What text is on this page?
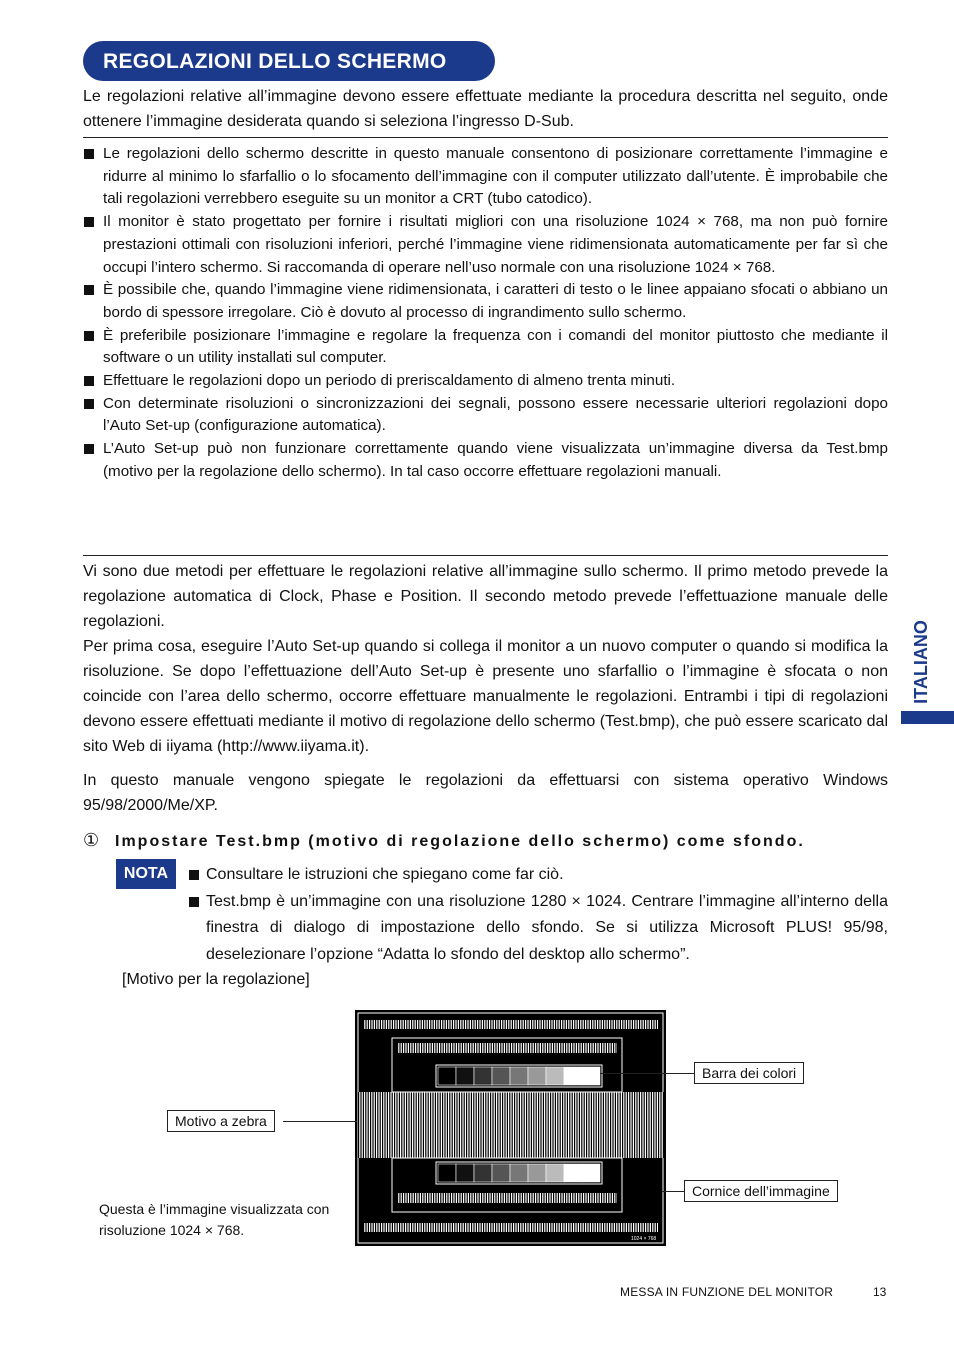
REGOLAZIONI DELLO SCHERMO
ITALIANO
Le regolazioni relative all’immagine devono essere effettuate mediante la procedura descritta nel seguito, onde ottenere l’immagine desiderata quando si seleziona l’ingresso D-Sub.
Le regolazioni dello schermo descritte in questo manuale consentono di posizionare correttamente l’immagine e ridurre al minimo lo sfarfallio o lo sfocamento dell’immagine con il computer utilizzato dall’utente. È improbabile che tali regolazioni verrebbero eseguite su un monitor a CRT (tubo catodico).
Il monitor è stato progettato per fornire i risultati migliori con una risoluzione 1024 × 768, ma non può fornire prestazioni ottimali con risoluzioni inferiori, perché l’immagine viene ridimensionata automaticamente per far sì che occupi l’intero schermo. Si raccomanda di operare nell’uso normale con una risoluzione 1024 × 768.
È possibile che, quando l’immagine viene ridimensionata, i caratteri di testo o le linee appaiano sfocati o abbiano un bordo di spessore irregolare. Ciò è dovuto al processo di ingrandimento sullo schermo.
È preferibile posizionare l’immagine e regolare la frequenza con i comandi del monitor piuttosto che mediante il software o un utility installati sul computer.
Effettuare le regolazioni dopo un periodo di preriscaldamento di almeno trenta minuti.
Con determinate risoluzioni o sincronizzazioni dei segnali, possono essere necessarie ulteriori regolazioni dopo l’Auto Set-up (configurazione automatica).
L’Auto Set-up può non funzionare correttamente quando viene visualizzata un’immagine diversa da Test.bmp (motivo per la regolazione dello schermo). In tal caso occorre effettuare regolazioni manuali.
Vi sono due metodi per effettuare le regolazioni relative all’immagine sullo schermo. Il primo metodo prevede la regolazione automatica di Clock, Phase e Position. Il secondo metodo prevede l’effettuazione manuale delle regolazioni.
Per prima cosa, eseguire l’Auto Set-up quando si collega il monitor a un nuovo computer o quando si modifica la risoluzione. Se dopo l’effettuazione dell’Auto Set-up è presente uno sfarfallio o l’immagine è sfocata o non coincide con l’area dello schermo, occorre effettuare manualmente le regolazioni. Entrambi i tipi di regolazioni devono essere effettuati mediante il motivo di regolazione dello schermo (Test.bmp), che può essere scaricato dal sito Web di iiyama (http://www.iiyama.it).
In questo manuale vengono spiegate le regolazioni da effettuarsi con sistema operativo Windows 95/98/2000/Me/XP.
① Impostare Test.bmp (motivo di regolazione dello schermo) come sfondo.
NOTA	Consultare le istruzioni che spiegano come far ciò.
Test.bmp è un’immagine con una risoluzione 1280 × 1024. Centrare l’immagine all’interno della finestra di dialogo di impostazione dello sfondo. Se si utilizza Microsoft PLUS! 95/98, deselezionare l’opzione “Adatta lo sfondo del desktop allo schermo”.
[Motivo per la regolazione]
1024 × 768
Barra dei colori
Motivo a zebra
Cornice dell’immagine
Questa è l’immagine visualizzata con risoluzione 1024 × 768.
MESSA IN FUNZIONE DEL MONITOR	13
